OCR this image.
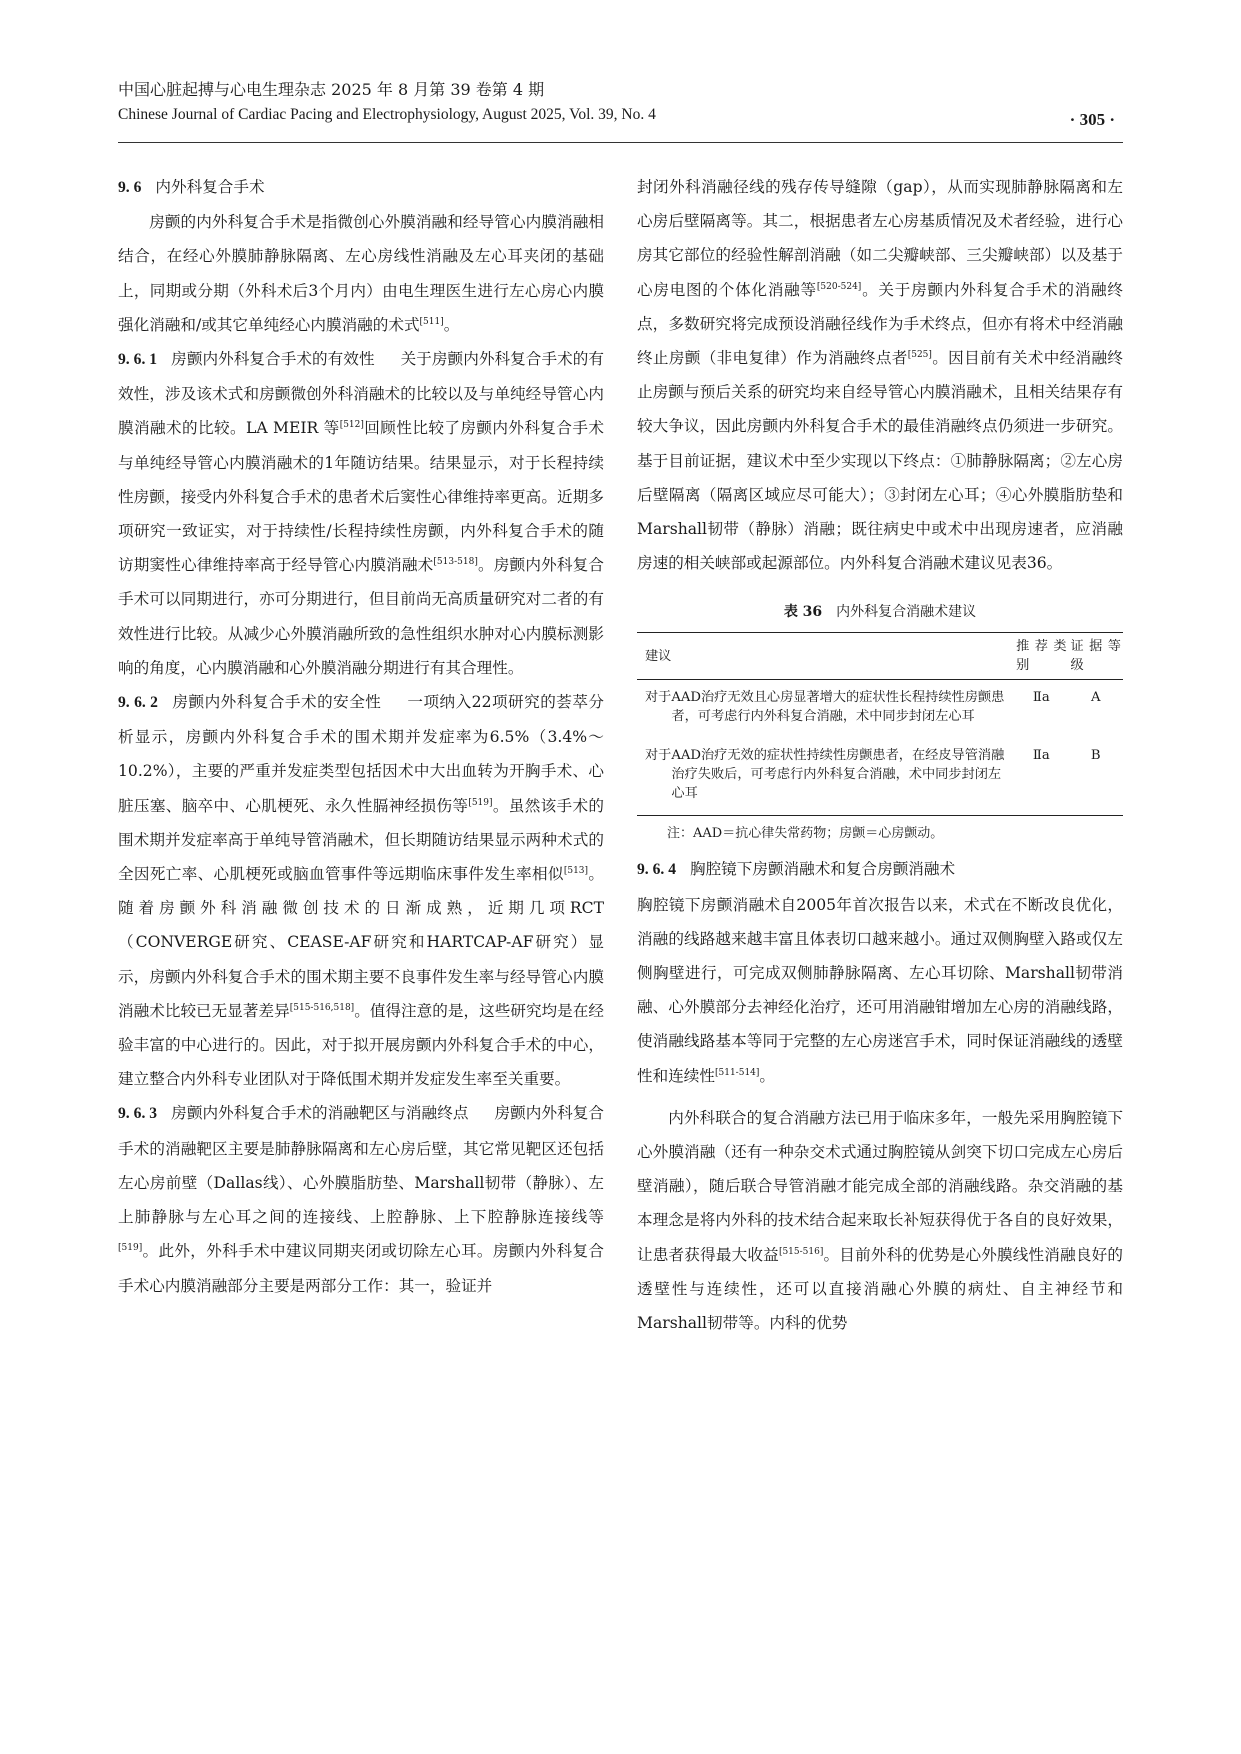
中国心脏起搏与心电生理杂志 2025 年 8 月第 39 卷第 4 期
Chinese Journal of Cardiac Pacing and Electrophysiology, August 2025, Vol. 39, No. 4	· 305 ·

9. 6 内外科复合手术

房颤的内外科复合手术是指微创心外膜消融和经导管心内膜消融相结合，在经心外膜肺静脉隔离、左心房线性消融及左心耳夹闭的基础上，同期或分期（外科术后3个月内）由电生理医生进行左心房心内膜强化消融和/或其它单纯经心内膜消融的术式[511]。

9. 6. 1 房颤内外科复合手术的有效性 关于房颤内外科复合手术的有效性，涉及该术式和房颤微创外科消融术的比较以及与单纯经导管心内膜消融术的比较。LA MEIR 等[512]回顾性比较了房颤内外科复合手术与单纯经导管心内膜消融术的1年随访结果。结果显示，对于长程持续性房颤，接受内外科复合手术的患者术后窦性心律维持率更高。近期多项研究一致证实，对于持续性/长程持续性房颤，内外科复合手术的随访期窦性心律维持率高于经导管心内膜消融术[513-518]。房颤内外科复合手术可以同期进行，亦可分期进行，但目前尚无高质量研究对二者的有效性进行比较。从减少心外膜消融所致的急性组织水肿对心内膜标测影响的角度，心内膜消融和心外膜消融分期进行有其合理性。

9. 6. 2 房颤内外科复合手术的安全性 一项纳入22项研究的荟萃分析显示，房颤内外科复合手术的围术期并发症率为6.5%（3.4%～10.2%），主要的严重并发症类型包括因术中大出血转为开胸手术、心脏压塞、脑卒中、心肌梗死、永久性膈神经损伤等[519]。虽然该手术的围术期并发症率高于单纯导管消融术，但长期随访结果显示两种术式的全因死亡率、心肌梗死或脑血管事件等远期临床事件发生率相似[513]。随着房颤外科消融微创技术的日渐成熟，近期几项RCT（CONVERGE研究、CEASE-AF研究和HARTCAP-AF研究）显示，房颤内外科复合手术的围术期主要不良事件发生率与经导管心内膜消融术比较已无显著差异[515-516,518]。值得注意的是，这些研究均是在经验丰富的中心进行的。因此，对于拟开展房颤内外科复合手术的中心，建立整合内外科专业团队对于降低围术期并发症发生率至关重要。

9. 6. 3 房颤内外科复合手术的消融靶区与消融终点 房颤内外科复合手术的消融靶区主要是肺静脉隔离和左心房后壁，其它常见靶区还包括左心房前壁（Dallas线）、心外膜脂肪垫、Marshall韧带（静脉）、左上肺静脉与左心耳之间的连接线、上腔静脉、上下腔静脉连接线等[519]。此外，外科手术中建议同期夹闭或切除左心耳。房颤内外科复合手术心内膜消融部分主要是两部分工作：其一，验证并

封闭外科消融径线的残存传导缝隙（gap），从而实现肺静脉隔离和左心房后壁隔离等。其二，根据患者左心房基质情况及术者经验，进行心房其它部位的经验性解剖消融（如二尖瓣峡部、三尖瓣峡部）以及基于心房电图的个体化消融等[520-524]。关于房颤内外科复合手术的消融终点，多数研究将完成预设消融径线作为手术终点，但亦有将术中经消融终止房颤（非电复律）作为消融终点者[525]。因目前有关术中经消融终止房颤与预后关系的研究均来自经导管心内膜消融术，且相关结果存有较大争议，因此房颤内外科复合手术的最佳消融终点仍须进一步研究。基于目前证据，建议术中至少实现以下终点：①肺静脉隔离；②左心房后壁隔离（隔离区域应尽可能大）；③封闭左心耳；④心外膜脂肪垫和Marshall韧带（静脉）消融；既往病史中或术中出现房速者，应消融房速的相关峡部或起源部位。内外科复合消融术建议见表36。

表 36 内外科复合消融术建议
建议	推荐类别	证据等级

对于AAD治疗无效且心房显著增大的症状性长程持续性房颤患者，可考虑行内外科复合消融，术中同步封闭左心耳	Ⅱa	A

对于AAD治疗无效的症状性持续性房颤患者，在经皮导管消融治疗失败后，可考虑行内外科复合消融，术中同步封闭左心耳	Ⅱa	B
注：AAD＝抗心律失常药物；房颤＝心房颤动。

9. 6. 4 胸腔镜下房颤消融术和复合房颤消融术
胸腔镜下房颤消融术自2005年首次报告以来，术式在不断改良优化，消融的线路越来越丰富且体表切口越来越小。通过双侧胸壁入路或仅左侧胸壁进行，可完成双侧肺静脉隔离、左心耳切除、Marshall韧带消融、心外膜部分去神经化治疗，还可用消融钳增加左心房的消融线路，使消融线路基本等同于完整的左心房迷宫手术，同时保证消融线的透壁性和连续性[511-514]。

内外科联合的复合消融方法已用于临床多年，一般先采用胸腔镜下心外膜消融（还有一种杂交术式通过胸腔镜从剑突下切口完成左心房后壁消融），随后联合导管消融才能完成全部的消融线路。杂交消融的基本理念是将内外科的技术结合起来取长补短获得优于各自的良好效果，让患者获得最大收益[515-516]。目前外科的优势是心外膜线性消融良好的透壁性与连续性，还可以直接消融心外膜的病灶、自主神经节和Marshall韧带等。内科的优势
